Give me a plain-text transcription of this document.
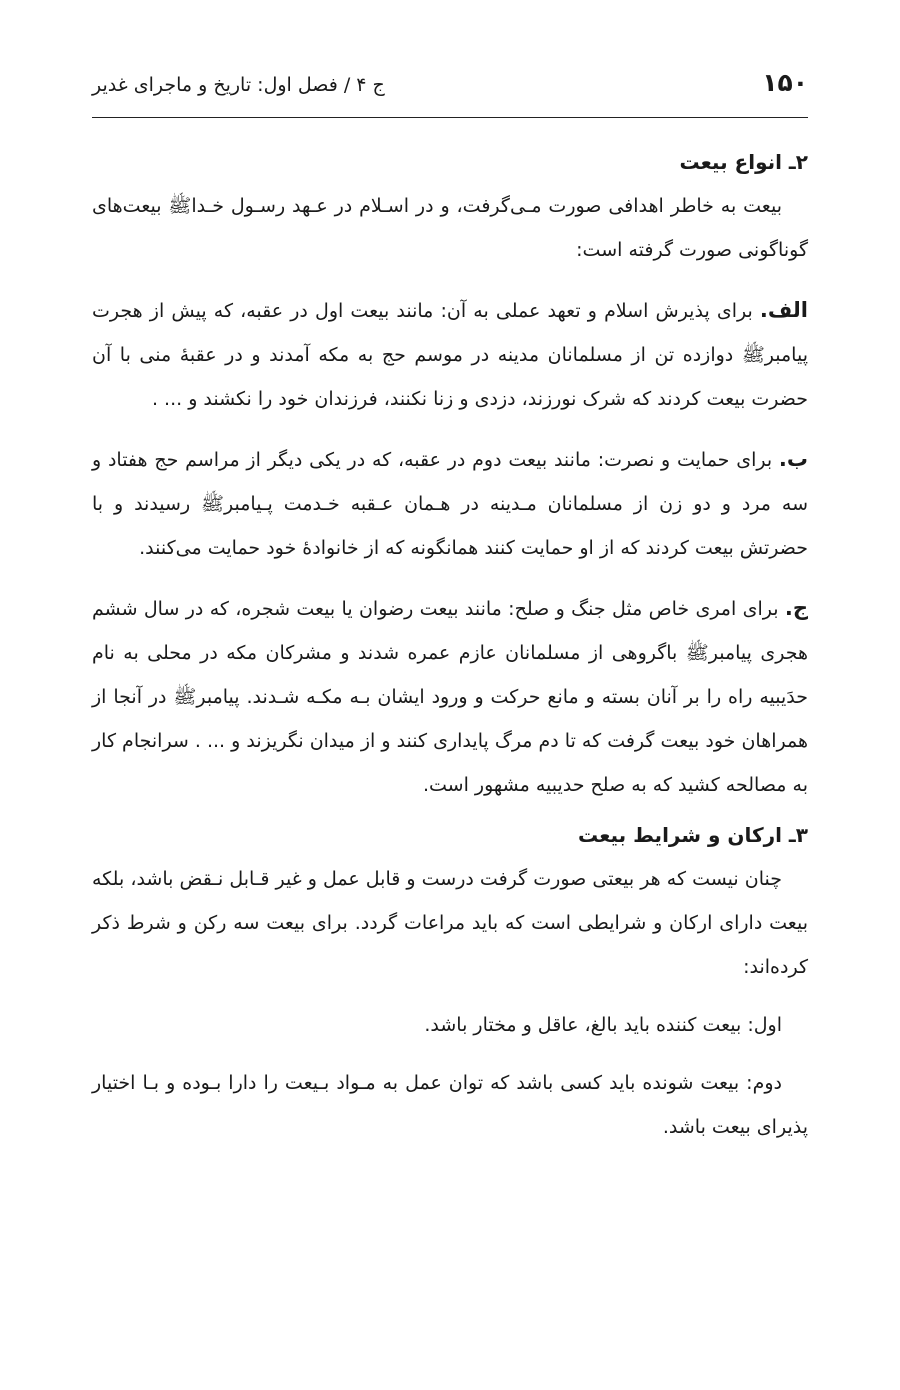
۱۵۰
ج ۴ / فصل اول: تاریخ و ماجرای غدیر
۲ـ انواع بیعت

بیعت به خاطر اهدافی صورت مـی‌گرفت، و در اسـلام در عـهد رسـول خـداﷺ بیعت‌های گوناگونی صورت گرفته است:

الف. برای پذیرش اسلام و تعهد عملی به آن: مانند بیعت اول در عقبه، که پیش از هجرت پیامبرﷺ دوازده تن از مسلمانان مدینه در موسم حج به مکه آمدند و در عقبهٔ منی با آن حضرت بیعت کردند که شرک نورزند، دزدی و زنا نکنند، فرزندان خود را نکشند و ... .
ب. برای حمایت و نصرت: مانند بیعت دوم در عقبه، که در یکی دیگر از مراسم حج هفتاد و سه مرد و دو زن از مسلمانان مـدینه در هـمان عـقبه خـدمت پـیامبرﷺ رسیدند و با حضرتش بیعت کردند که از او حمایت کنند همانگونه که از خانوادهٔ خود حمایت می‌کنند.
ج. برای امری خاص مثل جنگ و صلح: مانند بیعت رضوان یا بیعت شجره، که در سال ششم هجری پیامبرﷺ باگروهی از مسلمانان عازم عمره شدند و مشرکان مکه در محلی به نام حدَیبیه راه را بر آنان بسته و مانع حرکت و ورود ایشان بـه مکـه شـدند. پیامبرﷺ در آنجا از همراهان خود بیعت گرفت که تا دم مرگ پایداری کنند و از میدان نگریزند و ... . سرانجام کار به مصالحه کشید که به صلح حدیبیه مشهور است.
۳ـ ارکان و شرایط بیعت

چنان نیست که هر بیعتی صورت گرفت درست و قابل عمل و غیر قـابل نـقض باشد، بلکه بیعت دارای ارکان و شرایطی است که باید مراعات گردد. برای بیعت سه رکن و شرط ذکر کرده‌اند:

اول: بیعت کننده باید بالغ، عاقل و مختار باشد.

دوم: بیعت شونده باید کسی باشد که توان عمل به مـواد بـیعت را دارا بـوده و بـا اختیار پذیرای بیعت باشد.
